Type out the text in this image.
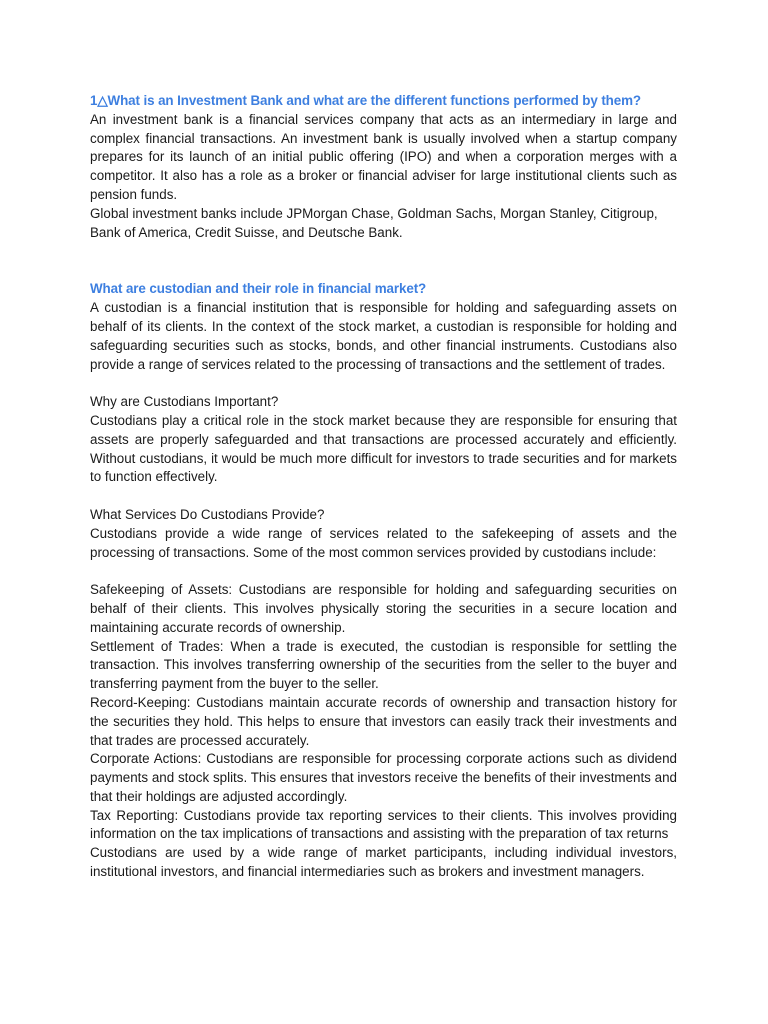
1△What is an Investment Bank and what are the different functions performed by them?

An investment bank is a financial services company that acts as an intermediary in large and complex financial transactions. An investment bank is usually involved when a startup company prepares for its launch of an initial public offering (IPO) and when a corporation merges with a competitor. It also has a role as a broker or financial adviser for large institutional clients such as pension funds.

Global investment banks include JPMorgan Chase, Goldman Sachs, Morgan Stanley, Citigroup, Bank of America, Credit Suisse, and Deutsche Bank.

What are custodian and their role in financial market?

A custodian is a financial institution that is responsible for holding and safeguarding assets on behalf of its clients. In the context of the stock market, a custodian is responsible for holding and safeguarding securities such as stocks, bonds, and other financial instruments. Custodians also provide a range of services related to the processing of transactions and the settlement of trades.

Why are Custodians Important?

Custodians play a critical role in the stock market because they are responsible for ensuring that assets are properly safeguarded and that transactions are processed accurately and efficiently. Without custodians, it would be much more difficult for investors to trade securities and for markets to function effectively.

What Services Do Custodians Provide?

Custodians provide a wide range of services related to the safekeeping of assets and the processing of transactions. Some of the most common services provided by custodians include:

Safekeeping of Assets: Custodians are responsible for holding and safeguarding securities on behalf of their clients. This involves physically storing the securities in a secure location and maintaining accurate records of ownership.

Settlement of Trades: When a trade is executed, the custodian is responsible for settling the transaction. This involves transferring ownership of the securities from the seller to the buyer and transferring payment from the buyer to the seller.

Record-Keeping: Custodians maintain accurate records of ownership and transaction history for the securities they hold. This helps to ensure that investors can easily track their investments and that trades are processed accurately.

Corporate Actions: Custodians are responsible for processing corporate actions such as dividend payments and stock splits. This ensures that investors receive the benefits of their investments and that their holdings are adjusted accordingly.

Tax Reporting: Custodians provide tax reporting services to their clients. This involves providing information on the tax implications of transactions and assisting with the preparation of tax returns

Custodians are used by a wide range of market participants, including individual investors, institutional investors, and financial intermediaries such as brokers and investment managers.
